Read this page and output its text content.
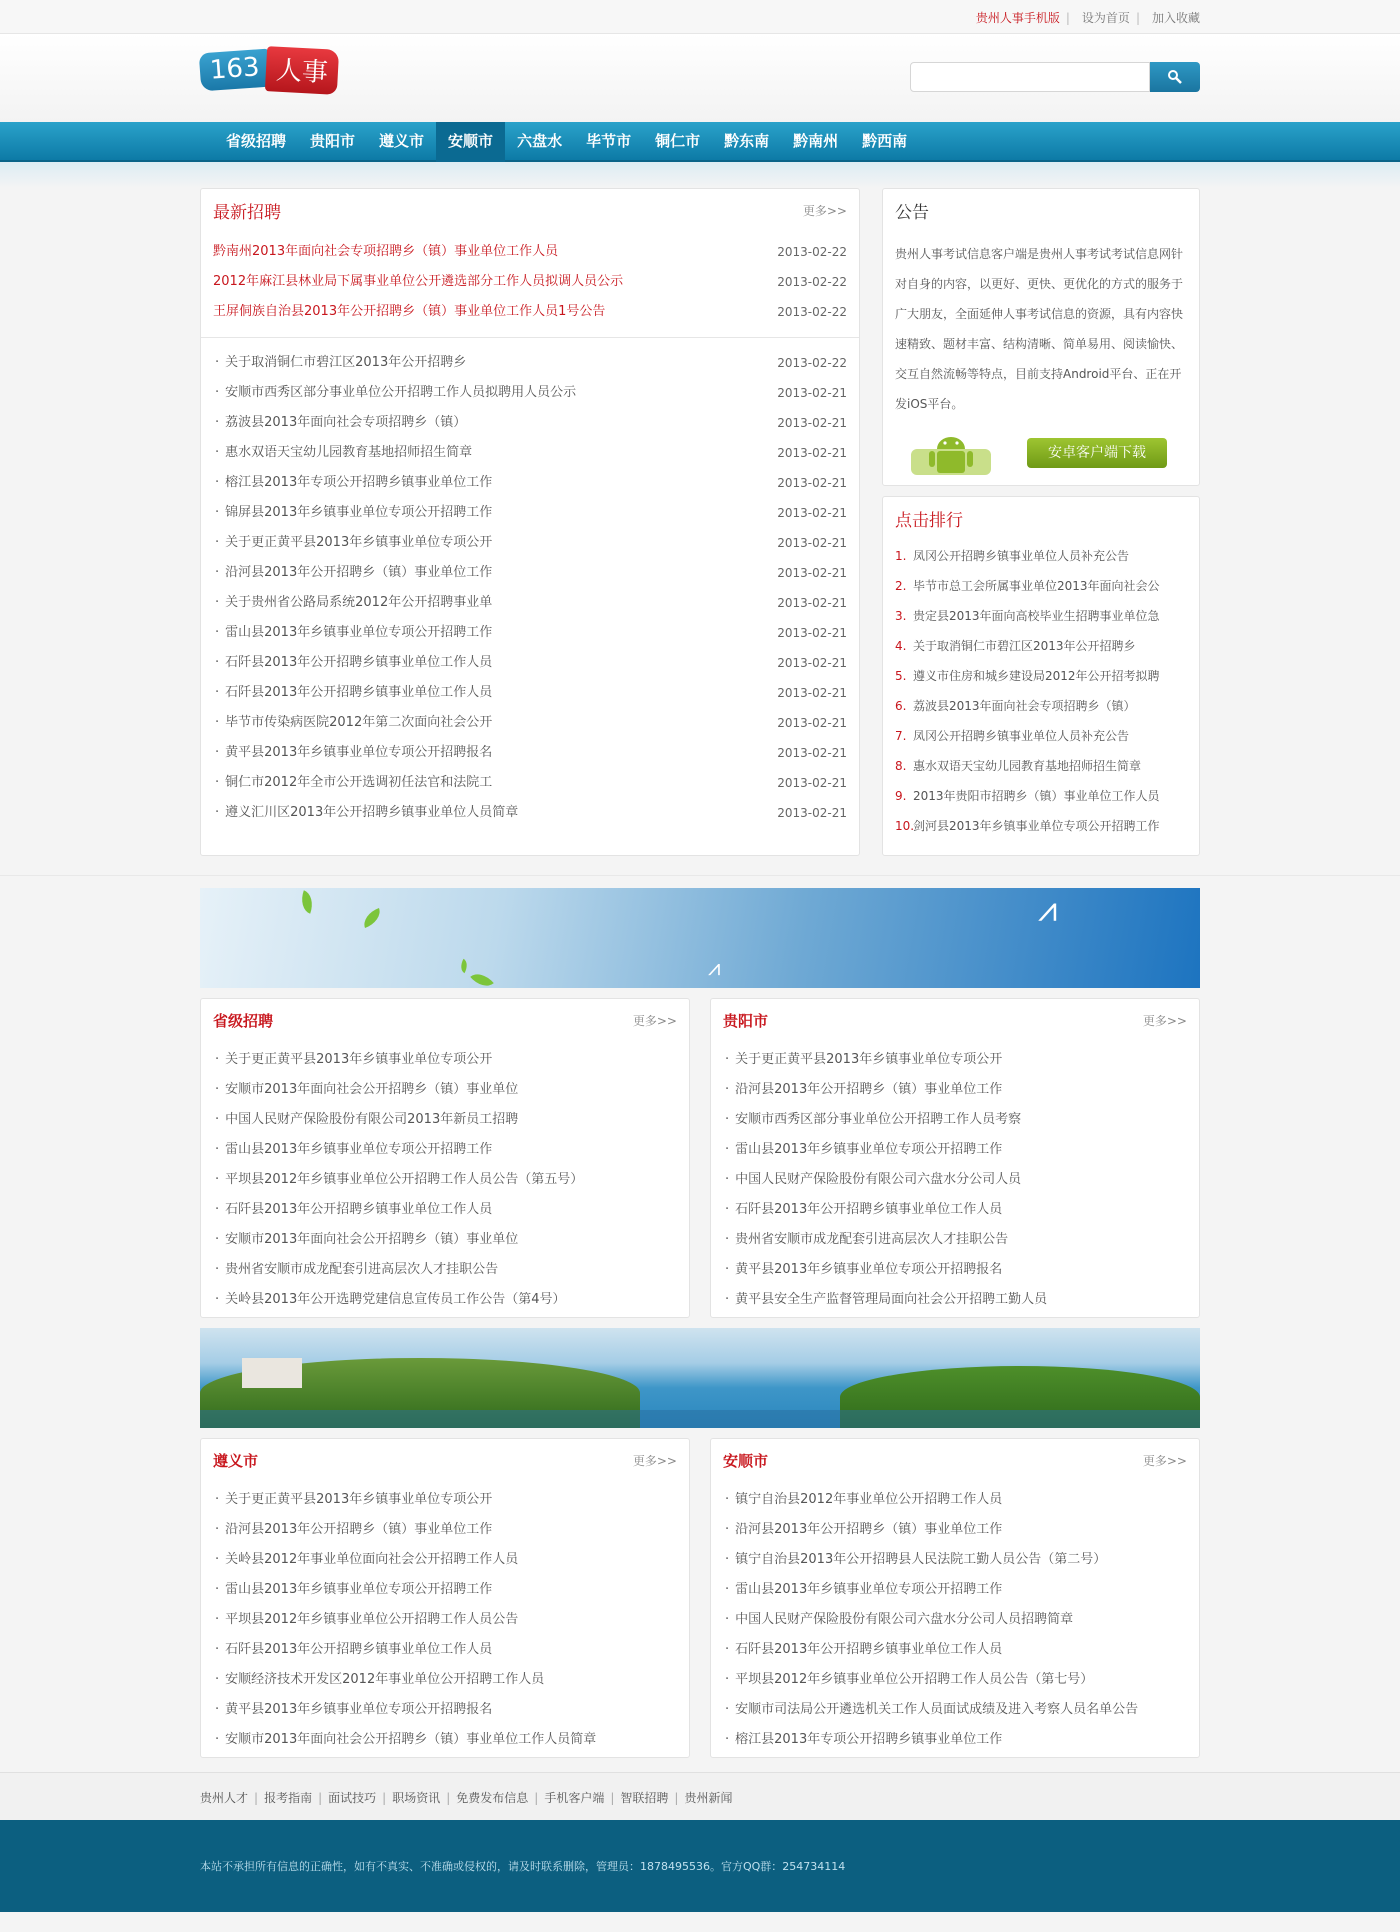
贵州人事手机版 | 设为首页 | 加入收藏
163 人事
省级招聘	贵阳市	遵义市	安顺市	六盘水	毕节市	铜仁市	黔东南	黔南州	黔西南
最新招聘	更多>>
黔南州2013年面向社会专项招聘乡（镇）事业单位工作人员	2013-02-22
2012年麻江县林业局下属事业单位公开遴选部分工作人员拟调人员公示	2013-02-22
王屏侗族自治县2013年公开招聘乡（镇）事业单位工作人员1号公告	2013-02-22
· 关于取消铜仁市碧江区2013年公开招聘乡	2013-02-22
· 安顺市西秀区部分事业单位公开招聘工作人员拟聘用人员公示	2013-02-21
· 荔波县2013年面向社会专项招聘乡（镇）	2013-02-21
· 惠水双语天宝幼儿园教育基地招师招生简章	2013-02-21
· 榕江县2013年专项公开招聘乡镇事业单位工作	2013-02-21
· 锦屏县2013年乡镇事业单位专项公开招聘工作	2013-02-21
· 关于更正黄平县2013年乡镇事业单位专项公开	2013-02-21
· 沿河县2013年公开招聘乡（镇）事业单位工作	2013-02-21
· 关于贵州省公路局系统2012年公开招聘事业单	2013-02-21
· 雷山县2013年乡镇事业单位专项公开招聘工作	2013-02-21
· 石阡县2013年公开招聘乡镇事业单位工作人员	2013-02-21
· 石阡县2013年公开招聘乡镇事业单位工作人员	2013-02-21
· 毕节市传染病医院2012年第二次面向社会公开	2013-02-21
· 黄平县2013年乡镇事业单位专项公开招聘报名	2013-02-21
· 铜仁市2012年全市公开选调初任法官和法院工	2013-02-21
· 遵义汇川区2013年公开招聘乡镇事业单位人员简章	2013-02-21
公告
贵州人事考试信息客户端是贵州人事考试考试信息网针对自身的内容，以更好、更快、更优化的方式的服务于广大朋友，全面延伸人事考试信息的资源，具有内容快速精致、题材丰富、结构清晰、简单易用、阅读愉快、交互自然流畅等特点，目前支持Android平台、正在开发iOS平台。
安卓客户端下载
点击排行
1. 凤冈公开招聘乡镇事业单位人员补充公告
2. 毕节市总工会所属事业单位2013年面向社会公
3. 贵定县2013年面向高校毕业生招聘事业单位急
4. 关于取消铜仁市碧江区2013年公开招聘乡
5. 遵义市住房和城乡建设局2012年公开招考拟聘
6. 荔波县2013年面向社会专项招聘乡（镇）
7. 凤冈公开招聘乡镇事业单位人员补充公告
8. 惠水双语天宝幼儿园教育基地招师招生简章
9. 2013年贵阳市招聘乡（镇）事业单位工作人员
10.剑河县2013年乡镇事业单位专项公开招聘工作
⩘
⩘
省级招聘	更多>>
· 关于更正黄平县2013年乡镇事业单位专项公开
· 安顺市2013年面向社会公开招聘乡（镇）事业单位
· 中国人民财产保险股份有限公司2013年新员工招聘
· 雷山县2013年乡镇事业单位专项公开招聘工作
· 平坝县2012年乡镇事业单位公开招聘工作人员公告（第五号）
· 石阡县2013年公开招聘乡镇事业单位工作人员
· 安顺市2013年面向社会公开招聘乡（镇）事业单位
· 贵州省安顺市成龙配套引进高层次人才挂职公告
· 关岭县2013年公开选聘党建信息宣传员工作公告（第4号）
贵阳市	更多>>
· 关于更正黄平县2013年乡镇事业单位专项公开
· 沿河县2013年公开招聘乡（镇）事业单位工作
· 安顺市西秀区部分事业单位公开招聘工作人员考察
· 雷山县2013年乡镇事业单位专项公开招聘工作
· 中国人民财产保险股份有限公司六盘水分公司人员
· 石阡县2013年公开招聘乡镇事业单位工作人员
· 贵州省安顺市成龙配套引进高层次人才挂职公告
· 黄平县2013年乡镇事业单位专项公开招聘报名
· 黄平县安全生产监督管理局面向社会公开招聘工勤人员
遵义市	更多>>
· 关于更正黄平县2013年乡镇事业单位专项公开
· 沿河县2013年公开招聘乡（镇）事业单位工作
· 关岭县2012年事业单位面向社会公开招聘工作人员
· 雷山县2013年乡镇事业单位专项公开招聘工作
· 平坝县2012年乡镇事业单位公开招聘工作人员公告
· 石阡县2013年公开招聘乡镇事业单位工作人员
· 安顺经济技术开发区2012年事业单位公开招聘工作人员
· 黄平县2013年乡镇事业单位专项公开招聘报名
· 安顺市2013年面向社会公开招聘乡（镇）事业单位工作人员简章
安顺市	更多>>
· 镇宁自治县2012年事业单位公开招聘工作人员
· 沿河县2013年公开招聘乡（镇）事业单位工作
· 镇宁自治县2013年公开招聘县人民法院工勤人员公告（第二号）
· 雷山县2013年乡镇事业单位专项公开招聘工作
· 中国人民财产保险股份有限公司六盘水分公司人员招聘简章
· 石阡县2013年公开招聘乡镇事业单位工作人员
· 平坝县2012年乡镇事业单位公开招聘工作人员公告（第七号）
· 安顺市司法局公开遴选机关工作人员面试成绩及进入考察人员名单公告
· 榕江县2013年专项公开招聘乡镇事业单位工作
贵州人才 | 报考指南 | 面试技巧 | 职场资讯 | 免费发布信息 | 手机客户端 | 智联招聘 | 贵州新闻
本站不承担所有信息的正确性，如有不真实、不准确或侵权的，请及时联系删除，管理员：1878495536。官方QQ群：254734114
